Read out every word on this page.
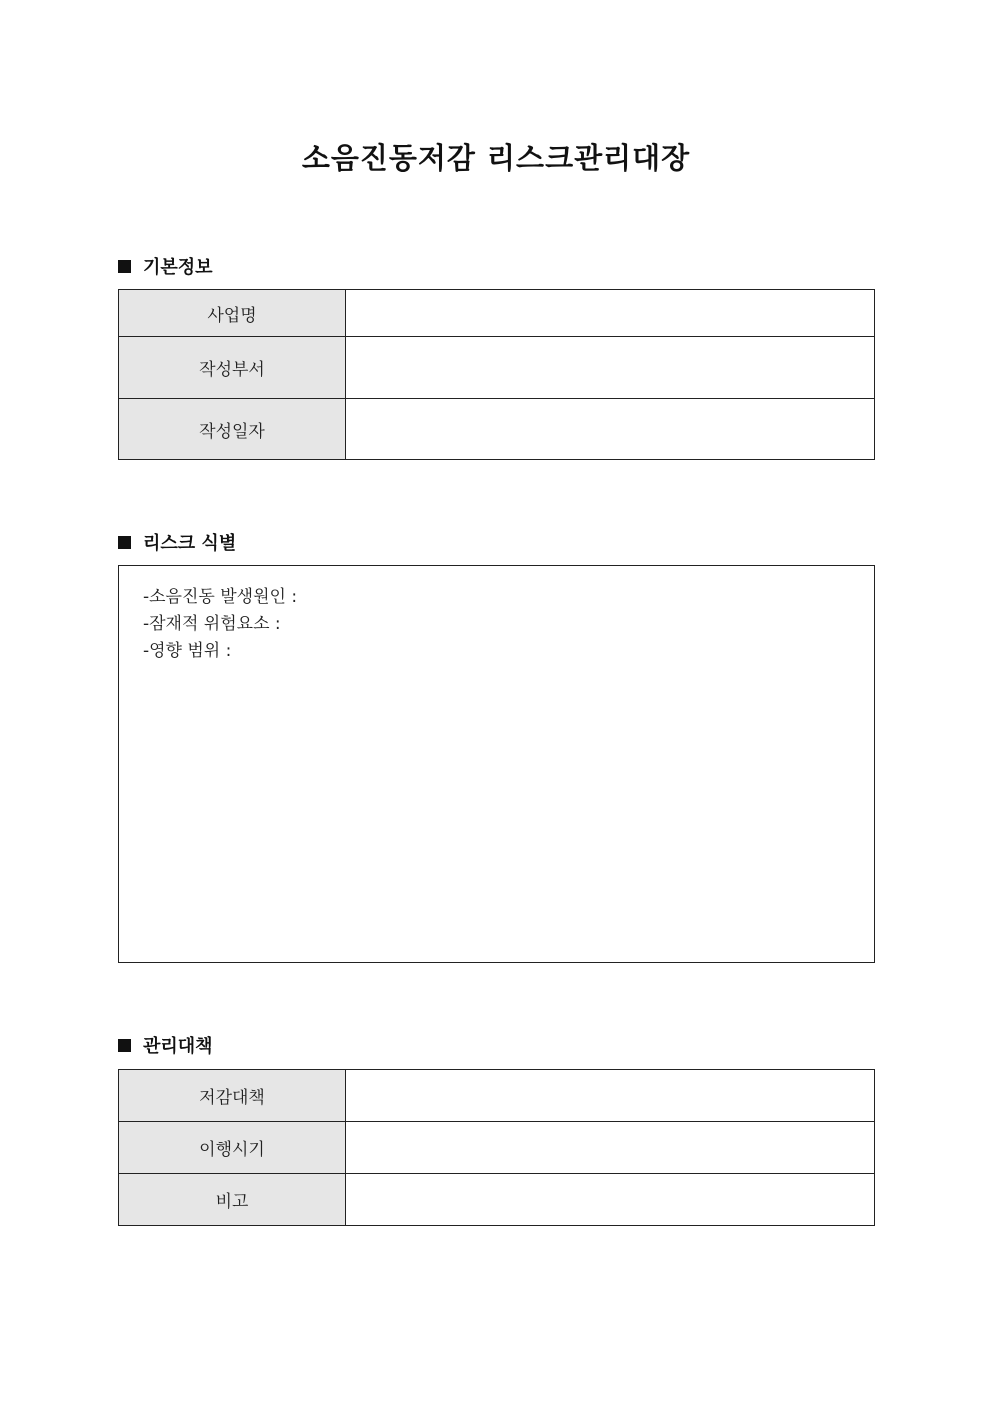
소음진동저감 리스크관리대장
기본정보
사업명	
작성부서	
작성일자	
리스크 식별
-소음진동 발생원인 :
-잠재적 위험요소 :
-영향 범위 :
관리대책
저감대책	
이행시기	
비고	
